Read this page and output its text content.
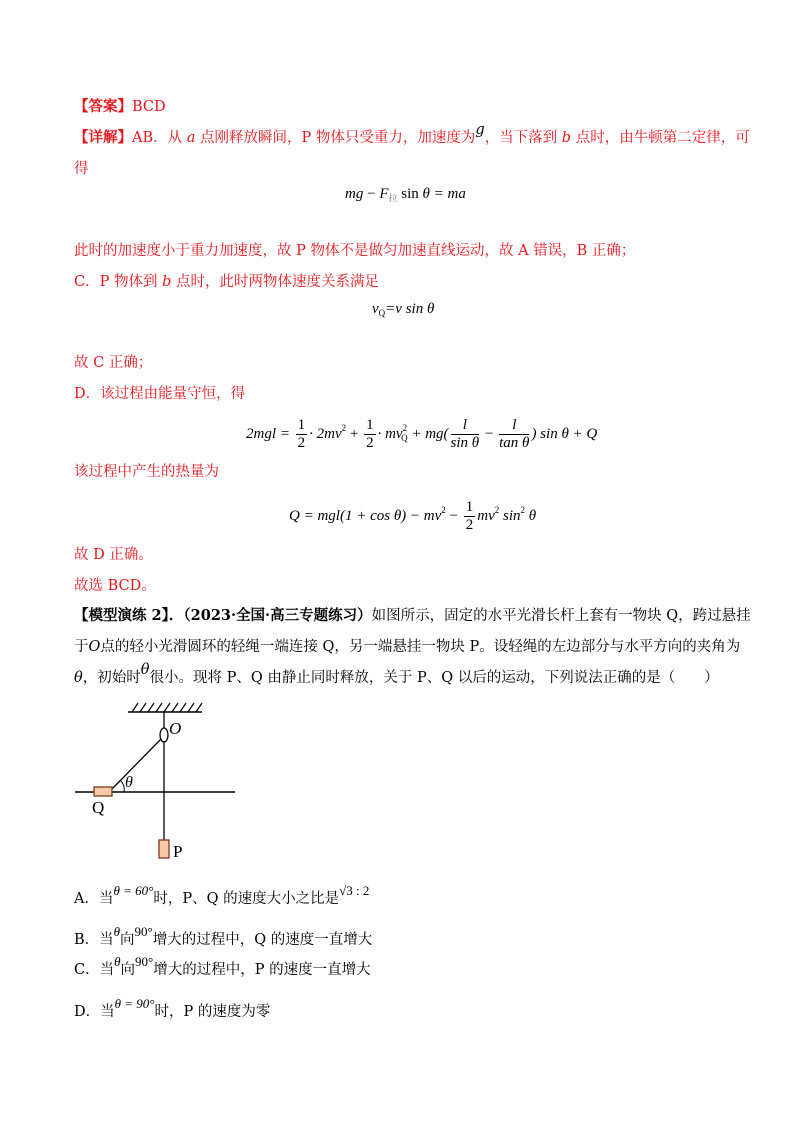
【答案】BCD
【详解】AB．从 a 点刚释放瞬间，P 物体只受重力，加速度为g，当下落到 b 点时，由牛顿第二定律，可
得
mg − $F_拉$ sin θ = ma
此时的加速度小于重力加速度，故 P 物体不是做匀加速直线运动，故 A 错误，B 正确；
C．P 物体到 b 点时，此时两物体速度关系满足
$v_Q=v$ sin θ
故 C 正确；
D．该过程由能量守恒，得
$2mgl = \frac{1}{2} \cdot 2mv^2 + \frac{1}{2} \cdot mv^2_Q + mg( \frac{l}{\text{sin θ}} - \frac{l}{\text{tan θ}}$ ) sin θ + Q
该过程中产生的热量为
$Q = mgl(1 + \cos \theta) - mv^2 - \frac{1}{2} mv^2$ $\sin^2 \theta$
故 D 正确。
故选 BCD。
【模型演练 2】．（2023·全国·高三专题练习）如图所示，固定的水平光滑长杆上套有一物块 Q，跨过悬挂
于O点的轻小光滑圆环的轻绳一端连接 Q，另一端悬挂一物块 P。设轻绳的左边部分与水平方向的夹角为
θ，初始时θ很小。现将 P、Q 由静止同时释放，关于 P、Q 以后的运动，下列说法正确的是（　　）
O
θ
Q
P
A．当θ = 60°时，P、Q 的速度大小之比是√3 : 2
B．当θ向90°增大的过程中，Q 的速度一直增大
C．当θ向90°增大的过程中，P 的速度一直增大
D．当θ = 90°时，P 的速度为零
